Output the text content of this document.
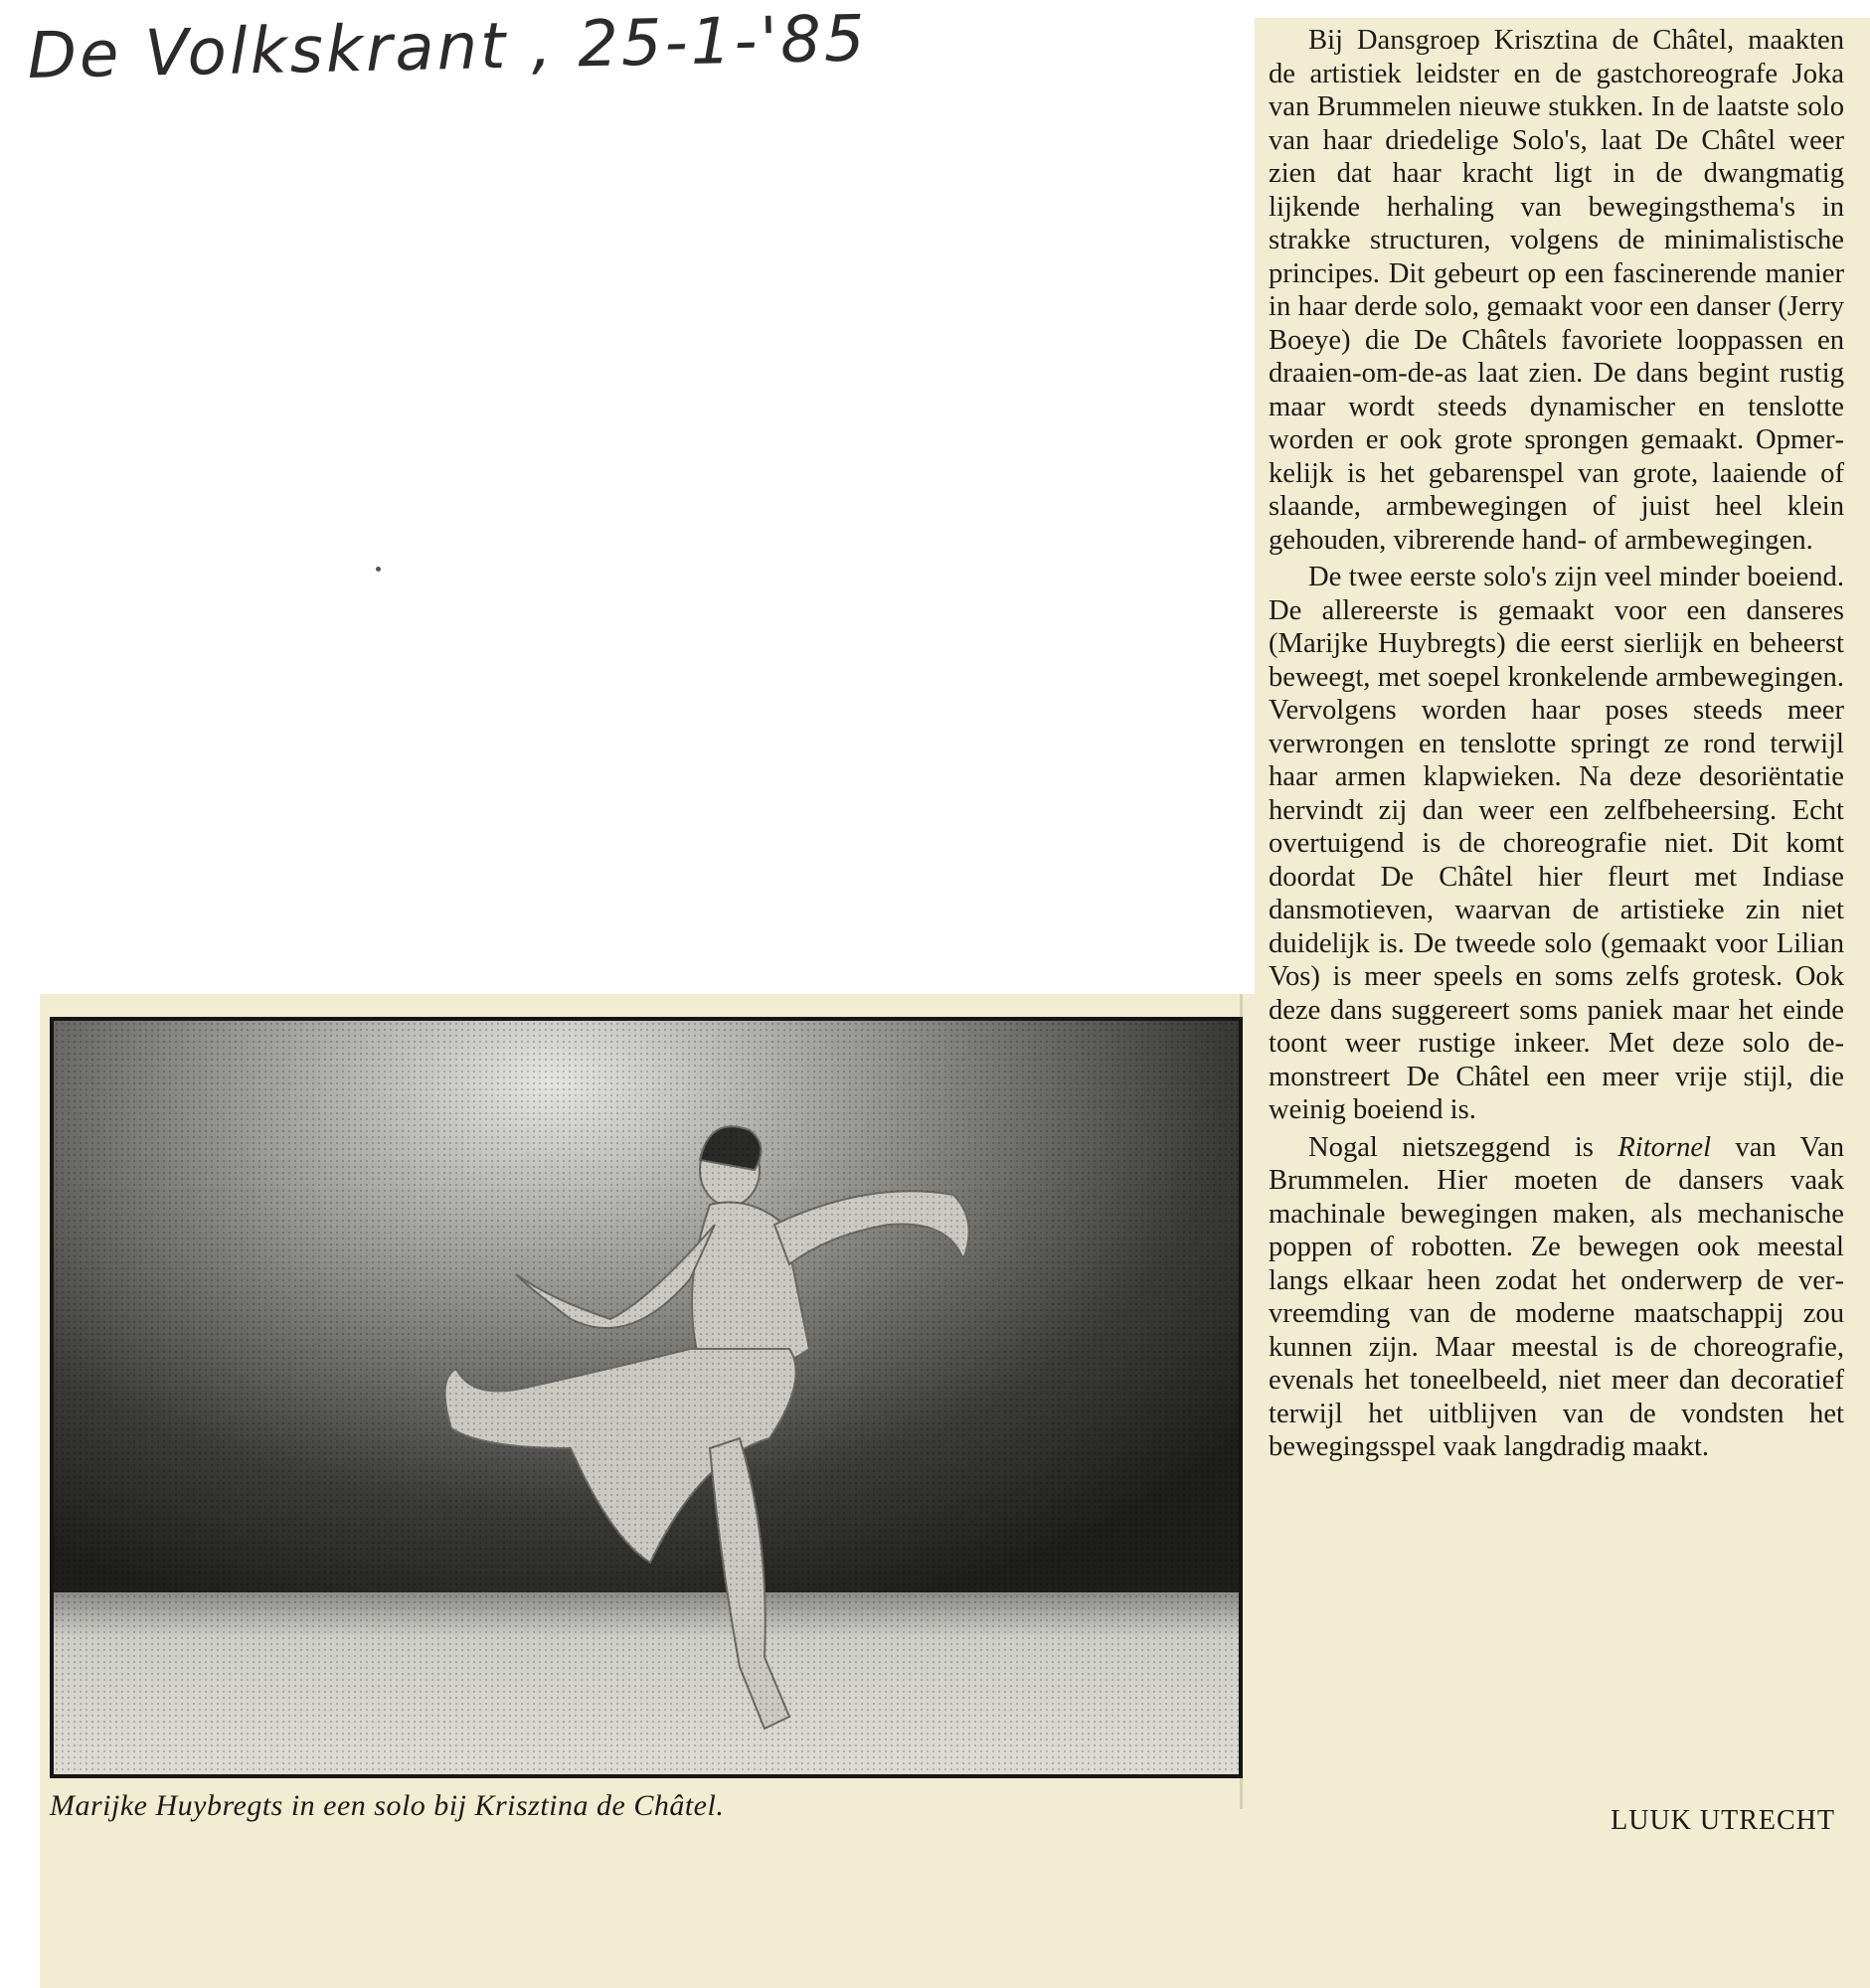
De Volkskrant , 25-1-'85	Bij Dansgroep Krisztina de Châtel, maakten de artistiek leidster en de gastchoreografe Joka van Brummelen nieuwe stukken. In de laatste solo van haar driedelige Solo's, laat De Châtel weer zien dat haar kracht ligt in de dwangmatig lijkende herhaling van bewegingsthema's in strakke structuren, volgens de minimalistische principes. Dit gebeurt op een fascinerende manier in haar derde solo, gemaakt voor een danser (Jerry Boeye) die De Châtels favoriete looppassen en draaien-om-de-as laat zien. De dans begint rustig maar wordt steeds dynamischer en tenslotte worden er ook grote sprongen gemaakt. Opmerkelijk is het gebarenspel van grote, laaiende of slaande, armbewegingen of juist heel klein gehouden, vibrerende hand- of armbewegingen.

De twee eerste solo's zijn veel minder boeiend. De allereerste is gemaakt voor een danseres (Marijke Huybregts) die eerst sierlijk en beheerst beweegt, met soepel kronkelende armbewegingen. Vervolgens worden haar poses steeds meer verwrongen en tenslotte springt ze rond terwijl haar armen klapwieken. Na deze desoriëntatie hervindt zij dan weer een zelfbeheersing. Echt overtuigend is de choreografie niet. Dit komt doordat De Châtel hier fleurt met Indiase dansmotieven, waarvan de artistieke zin niet duidelijk is. De tweede solo (gemaakt voor Lilian Vos) is meer speels en soms zelfs grotesk. Ook deze dans suggereert soms paniek maar het einde toont weer rustige inkeer. Met deze solo demonstreert De Châtel een meer vrije stijl, die weinig boeiend is.

Nogal nietszeggend is Ritornel van Van Brummelen. Hier moeten de dansers vaak machinale bewegingen maken, als mechanische poppen of robotten. Ze bewegen ook meestal langs elkaar heen zodat het onderwerp de vervreemding van de moderne maatschappij zou kunnen zijn. Maar meestal is de choreografie, evenals het toneelbeeld, niet meer dan decoratief terwijl het uitblijven van de vondsten het bewegingsspel vaak langdradig maakt.

LUUK UTRECHT
Marijke Huybregts in een solo bij Krisztina de Châtel.
